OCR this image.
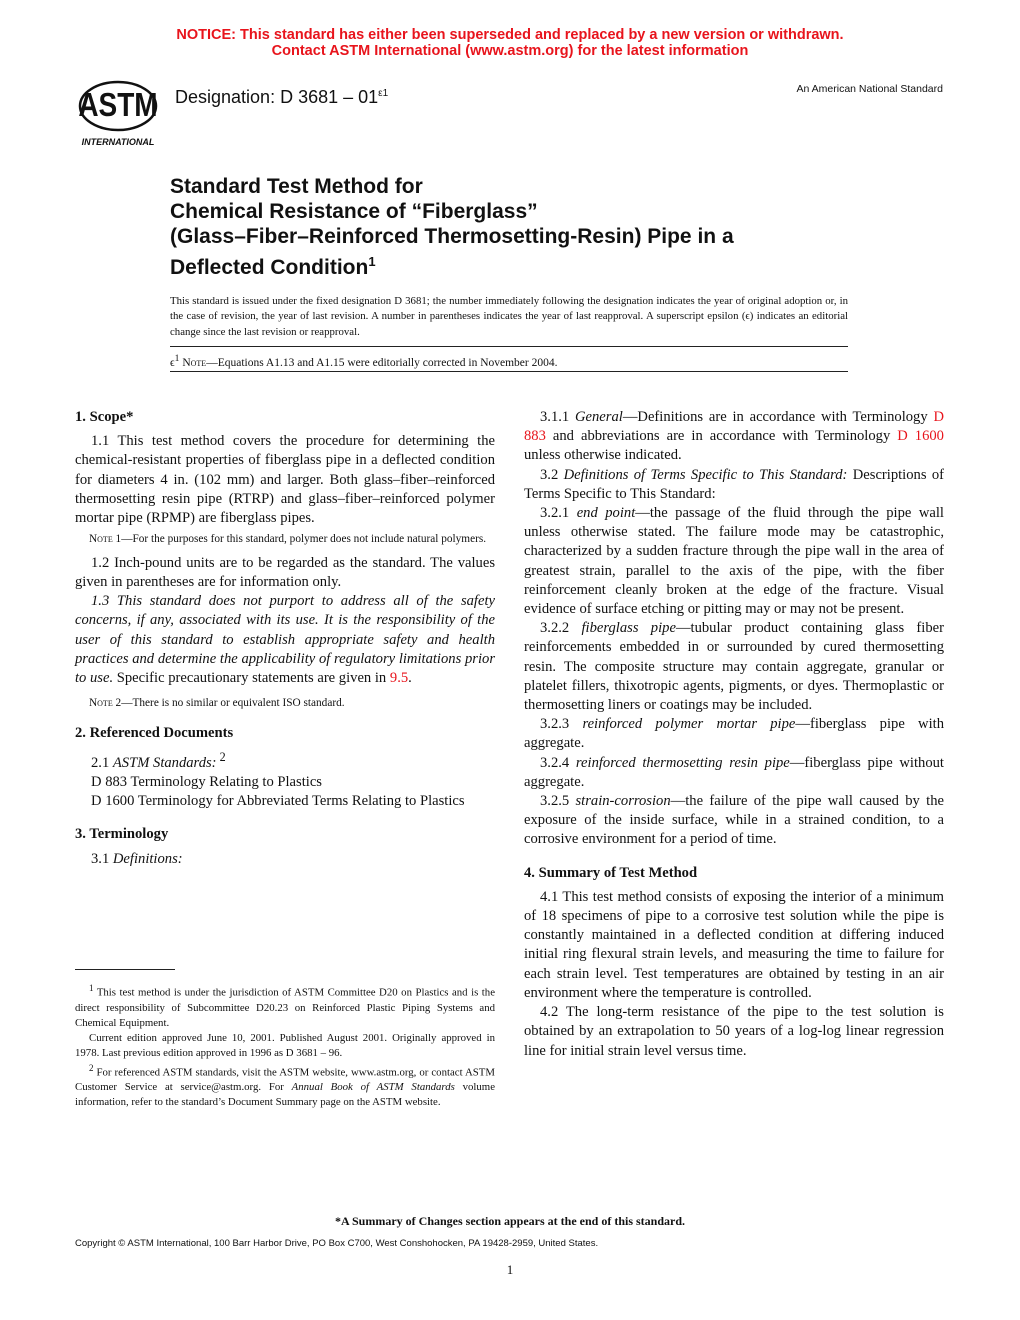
NOTICE: This standard has either been superseded and replaced by a new version or withdrawn.
Contact ASTM International (www.astm.org) for the latest information
ASTM
INTERNATIONAL
Designation: D $3681 - 01^{\varepsilon 1}$	An American National Standard
Standard Test Method for
Chemical Resistance of “Fiberglass”
(Glass–Fiber–Reinforced Thermosetting-Resin) Pipe in a
Deflected Condition$^1$
This standard is issued under the fixed designation D 3681; the number immediately following the designation indicates the year of original adoption or, in the case of revision, the year of last revision. A number in parentheses indicates the year of last reapproval. A superscript epsilon (ϵ) indicates an editorial change since the last revision or reapproval.
$\epsilon^1$ Note—Equations A1.13 and A1.15 were editorially corrected in November 2004.
1. Scope*

1.1 This test method covers the procedure for determining the chemical-resistant properties of fiberglass pipe in a deflected condition for diameters 4 in. (102 mm) and larger. Both glass–fiber–reinforced thermosetting resin pipe (RTRP) and glass–fiber–reinforced polymer mortar pipe (RPMP) are fiberglass pipes.

Note 1—For the purposes for this standard, polymer does not include natural polymers.

1.2 Inch-pound units are to be regarded as the standard. The values given in parentheses are for information only.

1.3 This standard does not purport to address all of the safety concerns, if any, associated with its use. It is the responsibility of the user of this standard to establish appropriate safety and health practices and determine the applicability of regulatory limitations prior to use. Specific precautionary statements are given in 9.5.

Note 2—There is no similar or equivalent ISO standard.

2. Referenced Documents

2.1 ASTM Standards: $^2$

D 883 Terminology Relating to Plastics

D 1600 Terminology for Abbreviated Terms Relating to Plastics

3. Terminology

3.1 Definitions:

$^1$ This test method is under the jurisdiction of ASTM Committee D20 on Plastics and is the direct responsibility of Subcommittee D20.23 on Reinforced Plastic Piping Systems and Chemical Equipment.

Current edition approved June 10, 2001. Published August 2001. Originally approved in 1978. Last previous edition approved in 1996 as D 3681 – 96.

$^2$ For referenced ASTM standards, visit the ASTM website, www.astm.org, or contact ASTM Customer Service at service@astm.org. For Annual Book of ASTM Standards volume information, refer to the standard’s Document Summary page on the ASTM website.

3.1.1 General—Definitions are in accordance with Terminology D 883 and abbreviations are in accordance with Terminology D 1600 unless otherwise indicated.

3.2 Definitions of Terms Specific to This Standard: Descriptions of Terms Specific to This Standard:

3.2.1 end point—the passage of the fluid through the pipe wall unless otherwise stated. The failure mode may be catastrophic, characterized by a sudden fracture through the pipe wall in the area of greatest strain, parallel to the axis of the pipe, with the fiber reinforcement cleanly broken at the edge of the fracture. Visual evidence of surface etching or pitting may or may not be present.

3.2.2 fiberglass pipe—tubular product containing glass fiber reinforcements embedded in or surrounded by cured thermosetting resin. The composite structure may contain aggregate, granular or platelet fillers, thixotropic agents, pigments, or dyes. Thermoplastic or thermosetting liners or coatings may be included.

3.2.3 reinforced polymer mortar pipe—fiberglass pipe with aggregate.

3.2.4 reinforced thermosetting resin pipe—fiberglass pipe without aggregate.

3.2.5 strain-corrosion—the failure of the pipe wall caused by the exposure of the inside surface, while in a strained condition, to a corrosive environment for a period of time.

4. Summary of Test Method

4.1 This test method consists of exposing the interior of a minimum of 18 specimens of pipe to a corrosive test solution while the pipe is constantly maintained in a deflected condition at differing induced initial ring flexural strain levels, and measuring the time to failure for each strain level. Test temperatures are obtained by testing in an air environment where the temperature is controlled.

4.2 The long-term resistance of the pipe to the test solution is obtained by an extrapolation to 50 years of a log-log linear regression line for initial strain level versus time.

*A Summary of Changes section appears at the end of this standard.
Copyright © ASTM International, 100 Barr Harbor Drive, PO Box C700, West Conshohocken, PA 19428-2959, United States.
1
